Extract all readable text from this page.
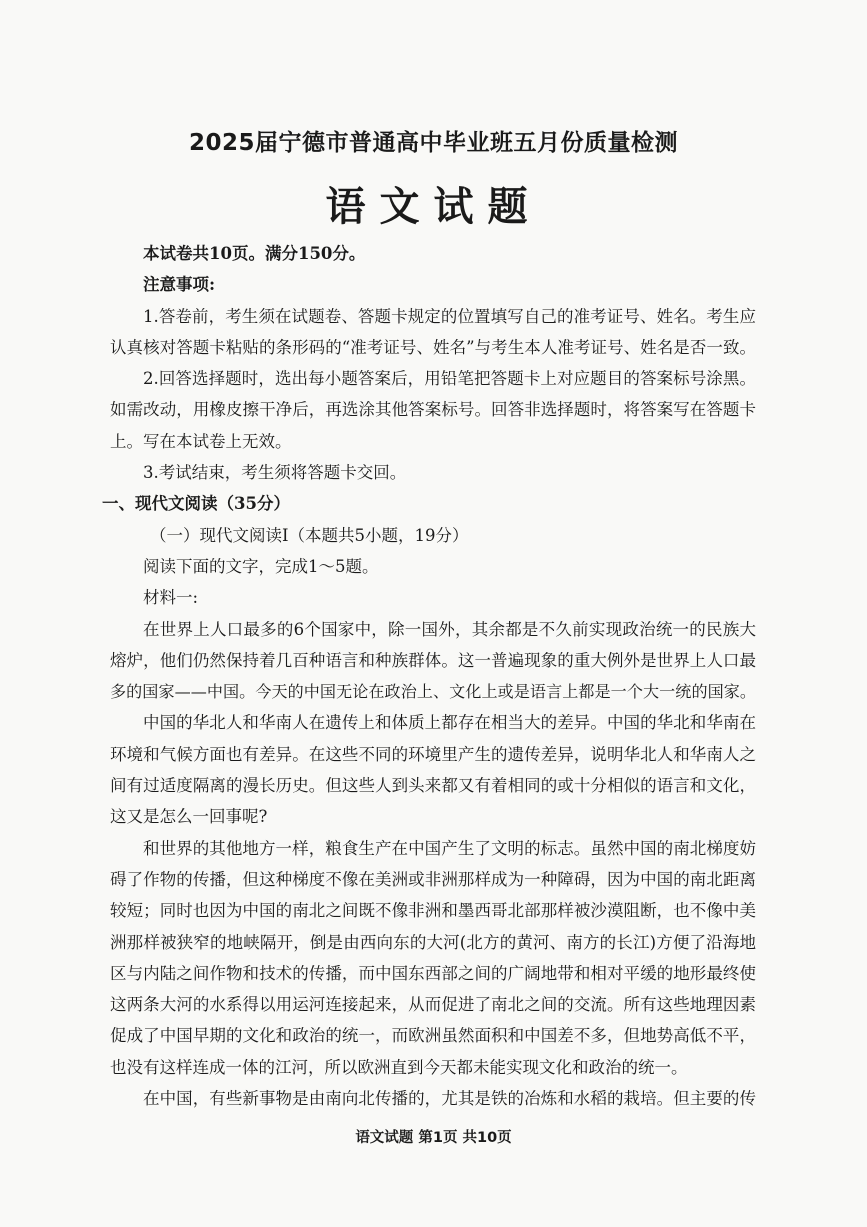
2025届宁德市普通高中毕业班五月份质量检测
语文试题
本试卷共10页。满分150分。
注意事项:
1.答卷前，考生须在试题卷、答题卡规定的位置填写自己的准考证号、姓名。考生应
认真核对答题卡粘贴的条形码的“准考证号、姓名”与考生本人准考证号、姓名是否一致。
2.回答选择题时，选出每小题答案后，用铅笔把答题卡上对应题目的答案标号涂黑。
如需改动，用橡皮擦干净后，再选涂其他答案标号。回答非选择题时，将答案写在答题卡
上。写在本试卷上无效。
3.考试结束，考生须将答题卡交回。
一、现代文阅读（35分）
（一）现代文阅读Ⅰ（本题共5小题，19分）
阅读下面的文字，完成1～5题。
材料一:
在世界上人口最多的6个国家中，除一国外，其余都是不久前实现政治统一的民族大
熔炉，他们仍然保持着几百种语言和种族群体。这一普遍现象的重大例外是世界上人口最
多的国家——中国。今天的中国无论在政治上、文化上或是语言上都是一个大一统的国家。
中国的华北人和华南人在遗传上和体质上都存在相当大的差异。中国的华北和华南在
环境和气候方面也有差异。在这些不同的环境里产生的遗传差异，说明华北人和华南人之
间有过适度隔离的漫长历史。但这些人到头来都又有着相同的或十分相似的语言和文化，
这又是怎么一回事呢?
和世界的其他地方一样，粮食生产在中国产生了文明的标志。虽然中国的南北梯度妨
碍了作物的传播，但这种梯度不像在美洲或非洲那样成为一种障碍，因为中国的南北距离
较短；同时也因为中国的南北之间既不像非洲和墨西哥北部那样被沙漠阻断，也不像中美
洲那样被狭窄的地峡隔开，倒是由西向东的大河(北方的黄河、南方的长江)方便了沿海地
区与内陆之间作物和技术的传播，而中国东西部之间的广阔地带和相对平缓的地形最终使
这两条大河的水系得以用运河连接起来，从而促进了南北之间的交流。所有这些地理因素
促成了中国早期的文化和政治的统一，而欧洲虽然面积和中国差不多，但地势高低不平，
也没有这样连成一体的江河，所以欧洲直到今天都未能实现文化和政治的统一。
在中国，有些新事物是由南向北传播的，尤其是铁的冶炼和水稻的栽培。但主要的传
语文试题 第1页 共10页
